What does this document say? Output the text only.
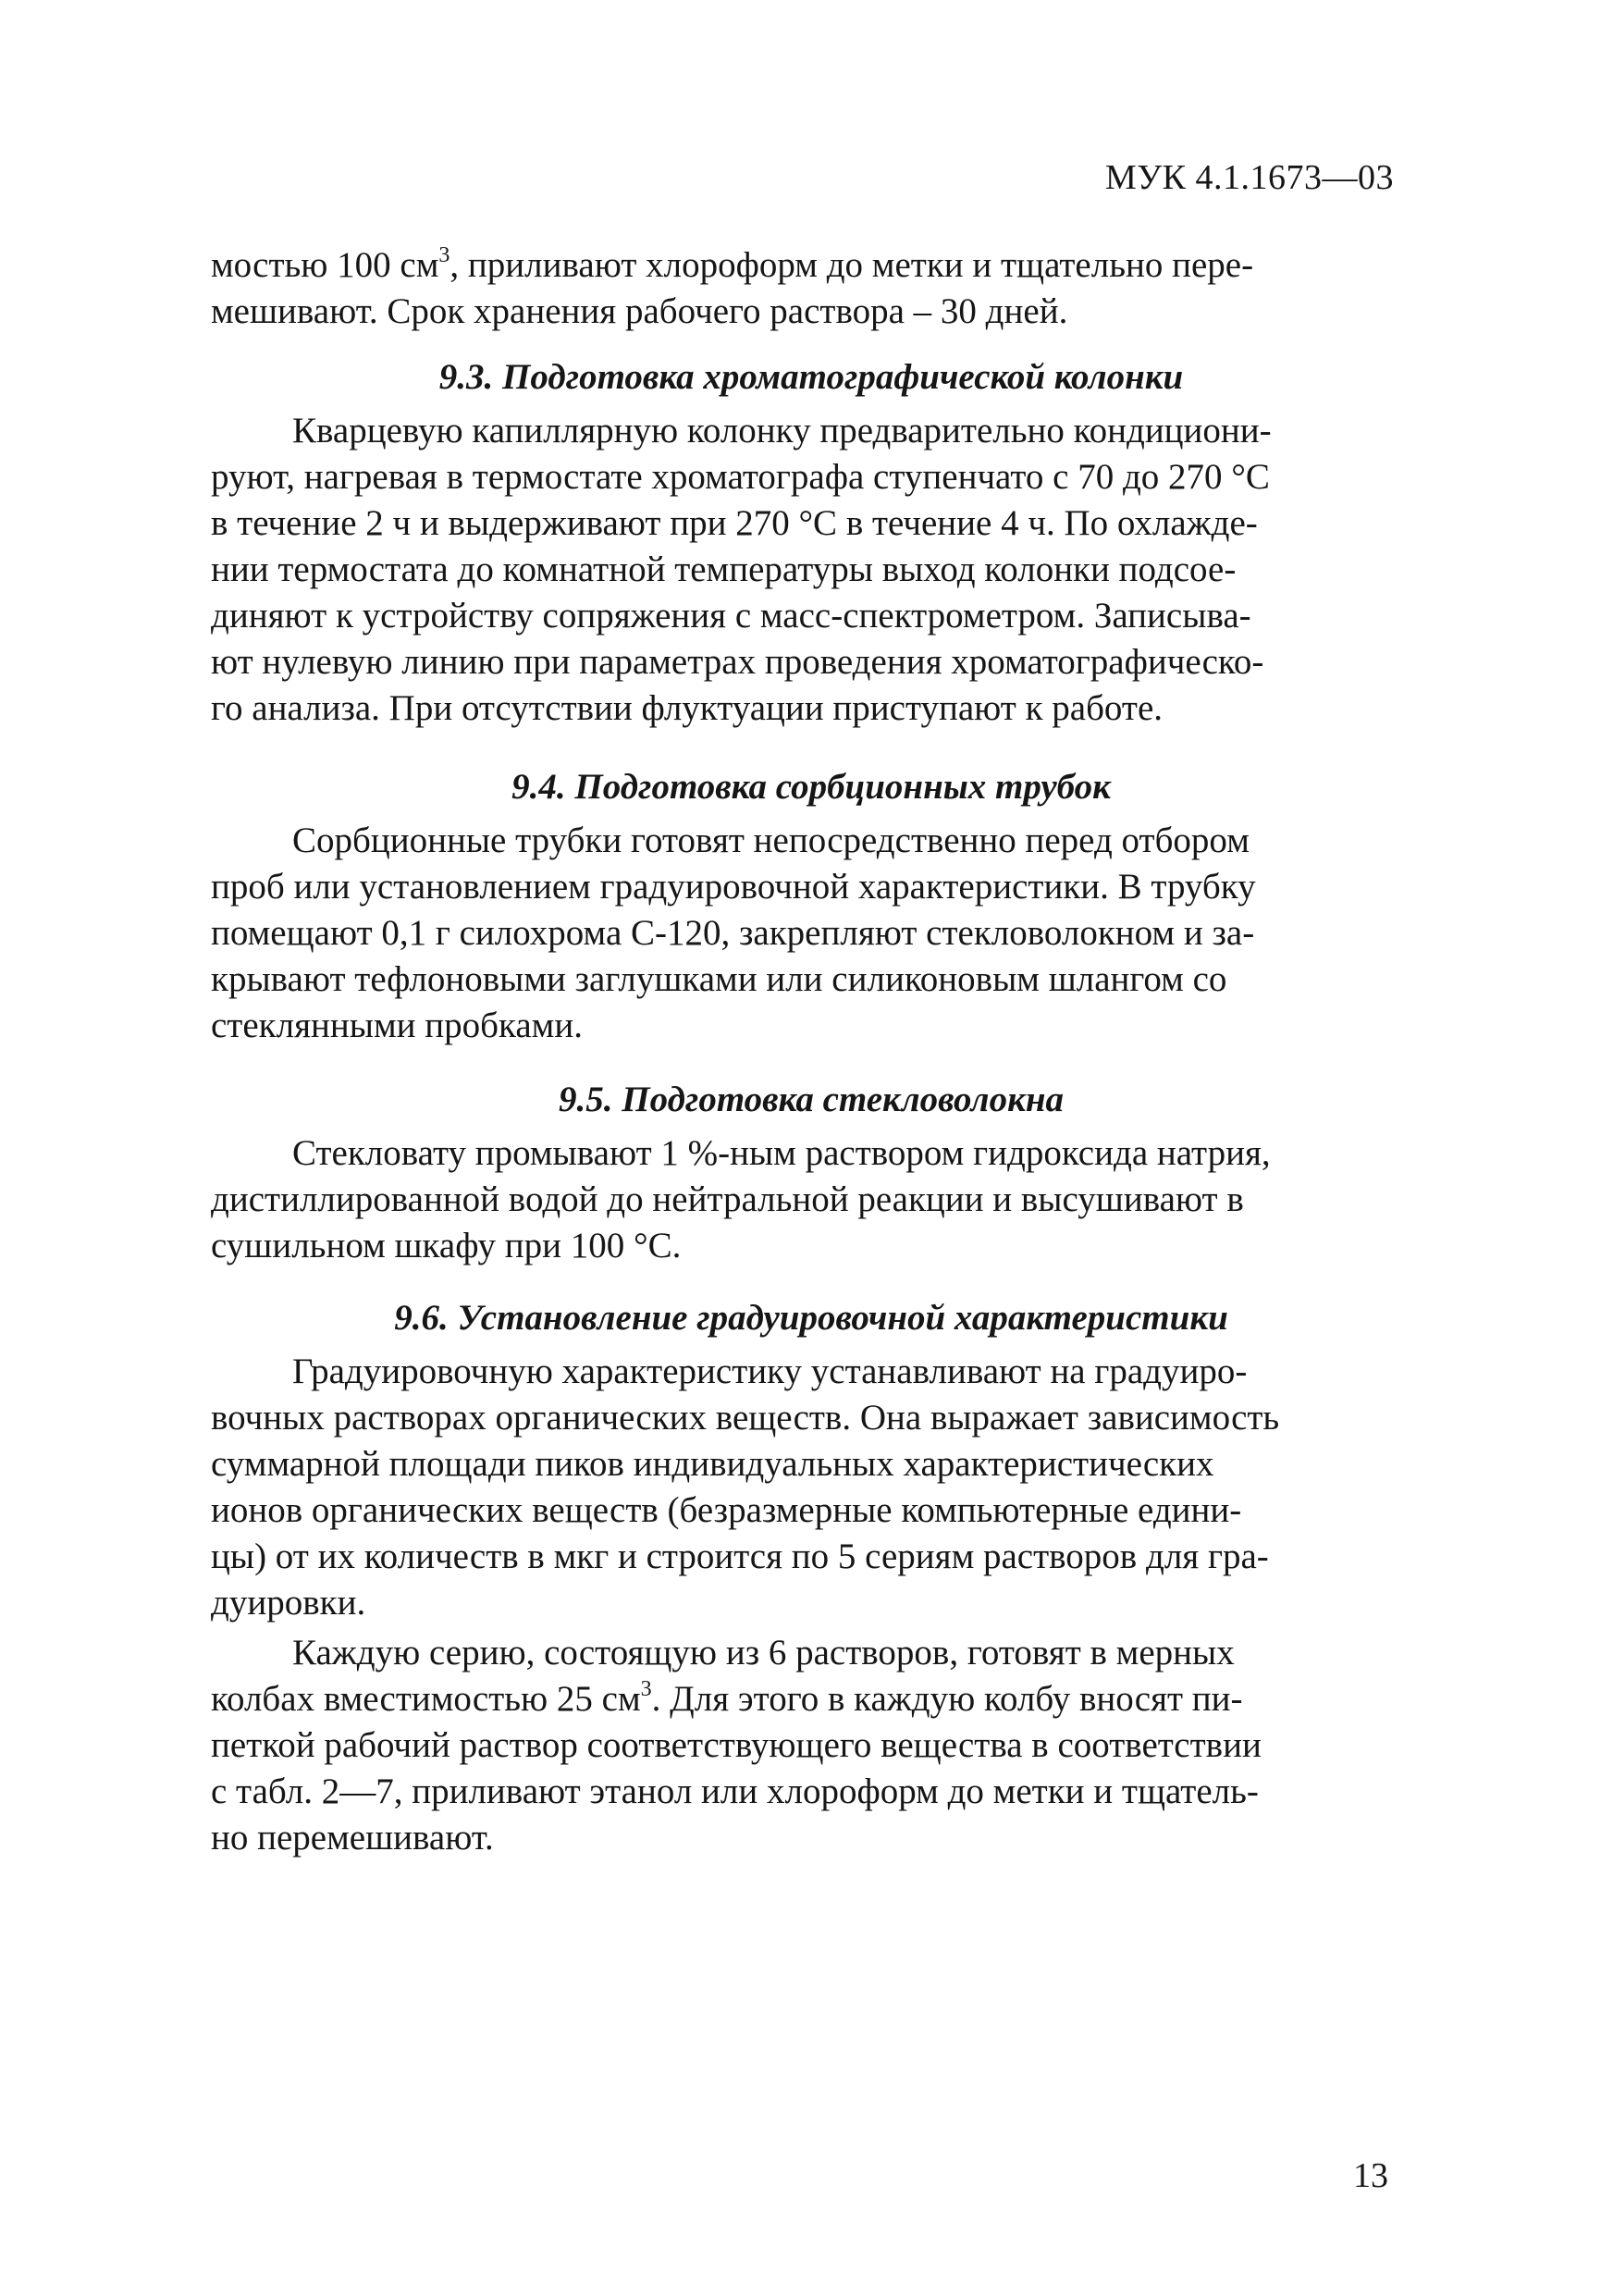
МУК 4.1.1673—03

мостью 100 $см^3$, приливают хлороформ до метки и тщательно пере-
мешивают. Срок хранения рабочего раствора – 30 дней.

9.3. Подготовка хроматографической колонки

Кварцевую капиллярную колонку предварительно кондициони-
руют, нагревая в термостате хроматографа ступенчато с 70 до 270 °С
в течение 2 ч и выдерживают при 270 °С в течение 4 ч. По охлажде-
нии термостата до комнатной температуры выход колонки подсое-
диняют к устройству сопряжения с масс-спектрометром. Записыва-
ют нулевую линию при параметрах проведения хроматографическо-
го анализа. При отсутствии флуктуации приступают к работе.

9.4. Подготовка сорбционных трубок

Сорбционные трубки готовят непосредственно перед отбором
проб или установлением градуировочной характеристики. В трубку
помещают 0,1 г силохрома С-120, закрепляют стекловолокном и за-
крывают тефлоновыми заглушками или силиконовым шлангом со
стеклянными пробками.

9.5. Подготовка стекловолокна

Стекловату промывают 1 %-ным раствором гидроксида натрия,
дистиллированной водой до нейтральной реакции и высушивают в
сушильном шкафу при 100 °С.

9.6. Установление градуировочной характеристики

Градуировочную характеристику устанавливают на градуиро-
вочных растворах органических веществ. Она выражает зависимость
суммарной площади пиков индивидуальных характеристических
ионов органических веществ (безразмерные компьютерные едини-
цы) от их количеств в мкг и строится по 5 сериям растворов для гра-
дуировки.

Каждую серию, состоящую из 6 растворов, готовят в мерных
колбах вместимостью 25 $см^3$. Для этого в каждую колбу вносят пи-
петкой рабочий раствор соответствующего вещества в соответствии
с табл. 2—7, приливают этанол или хлороформ до метки и тщатель-
но перемешивают.

13
